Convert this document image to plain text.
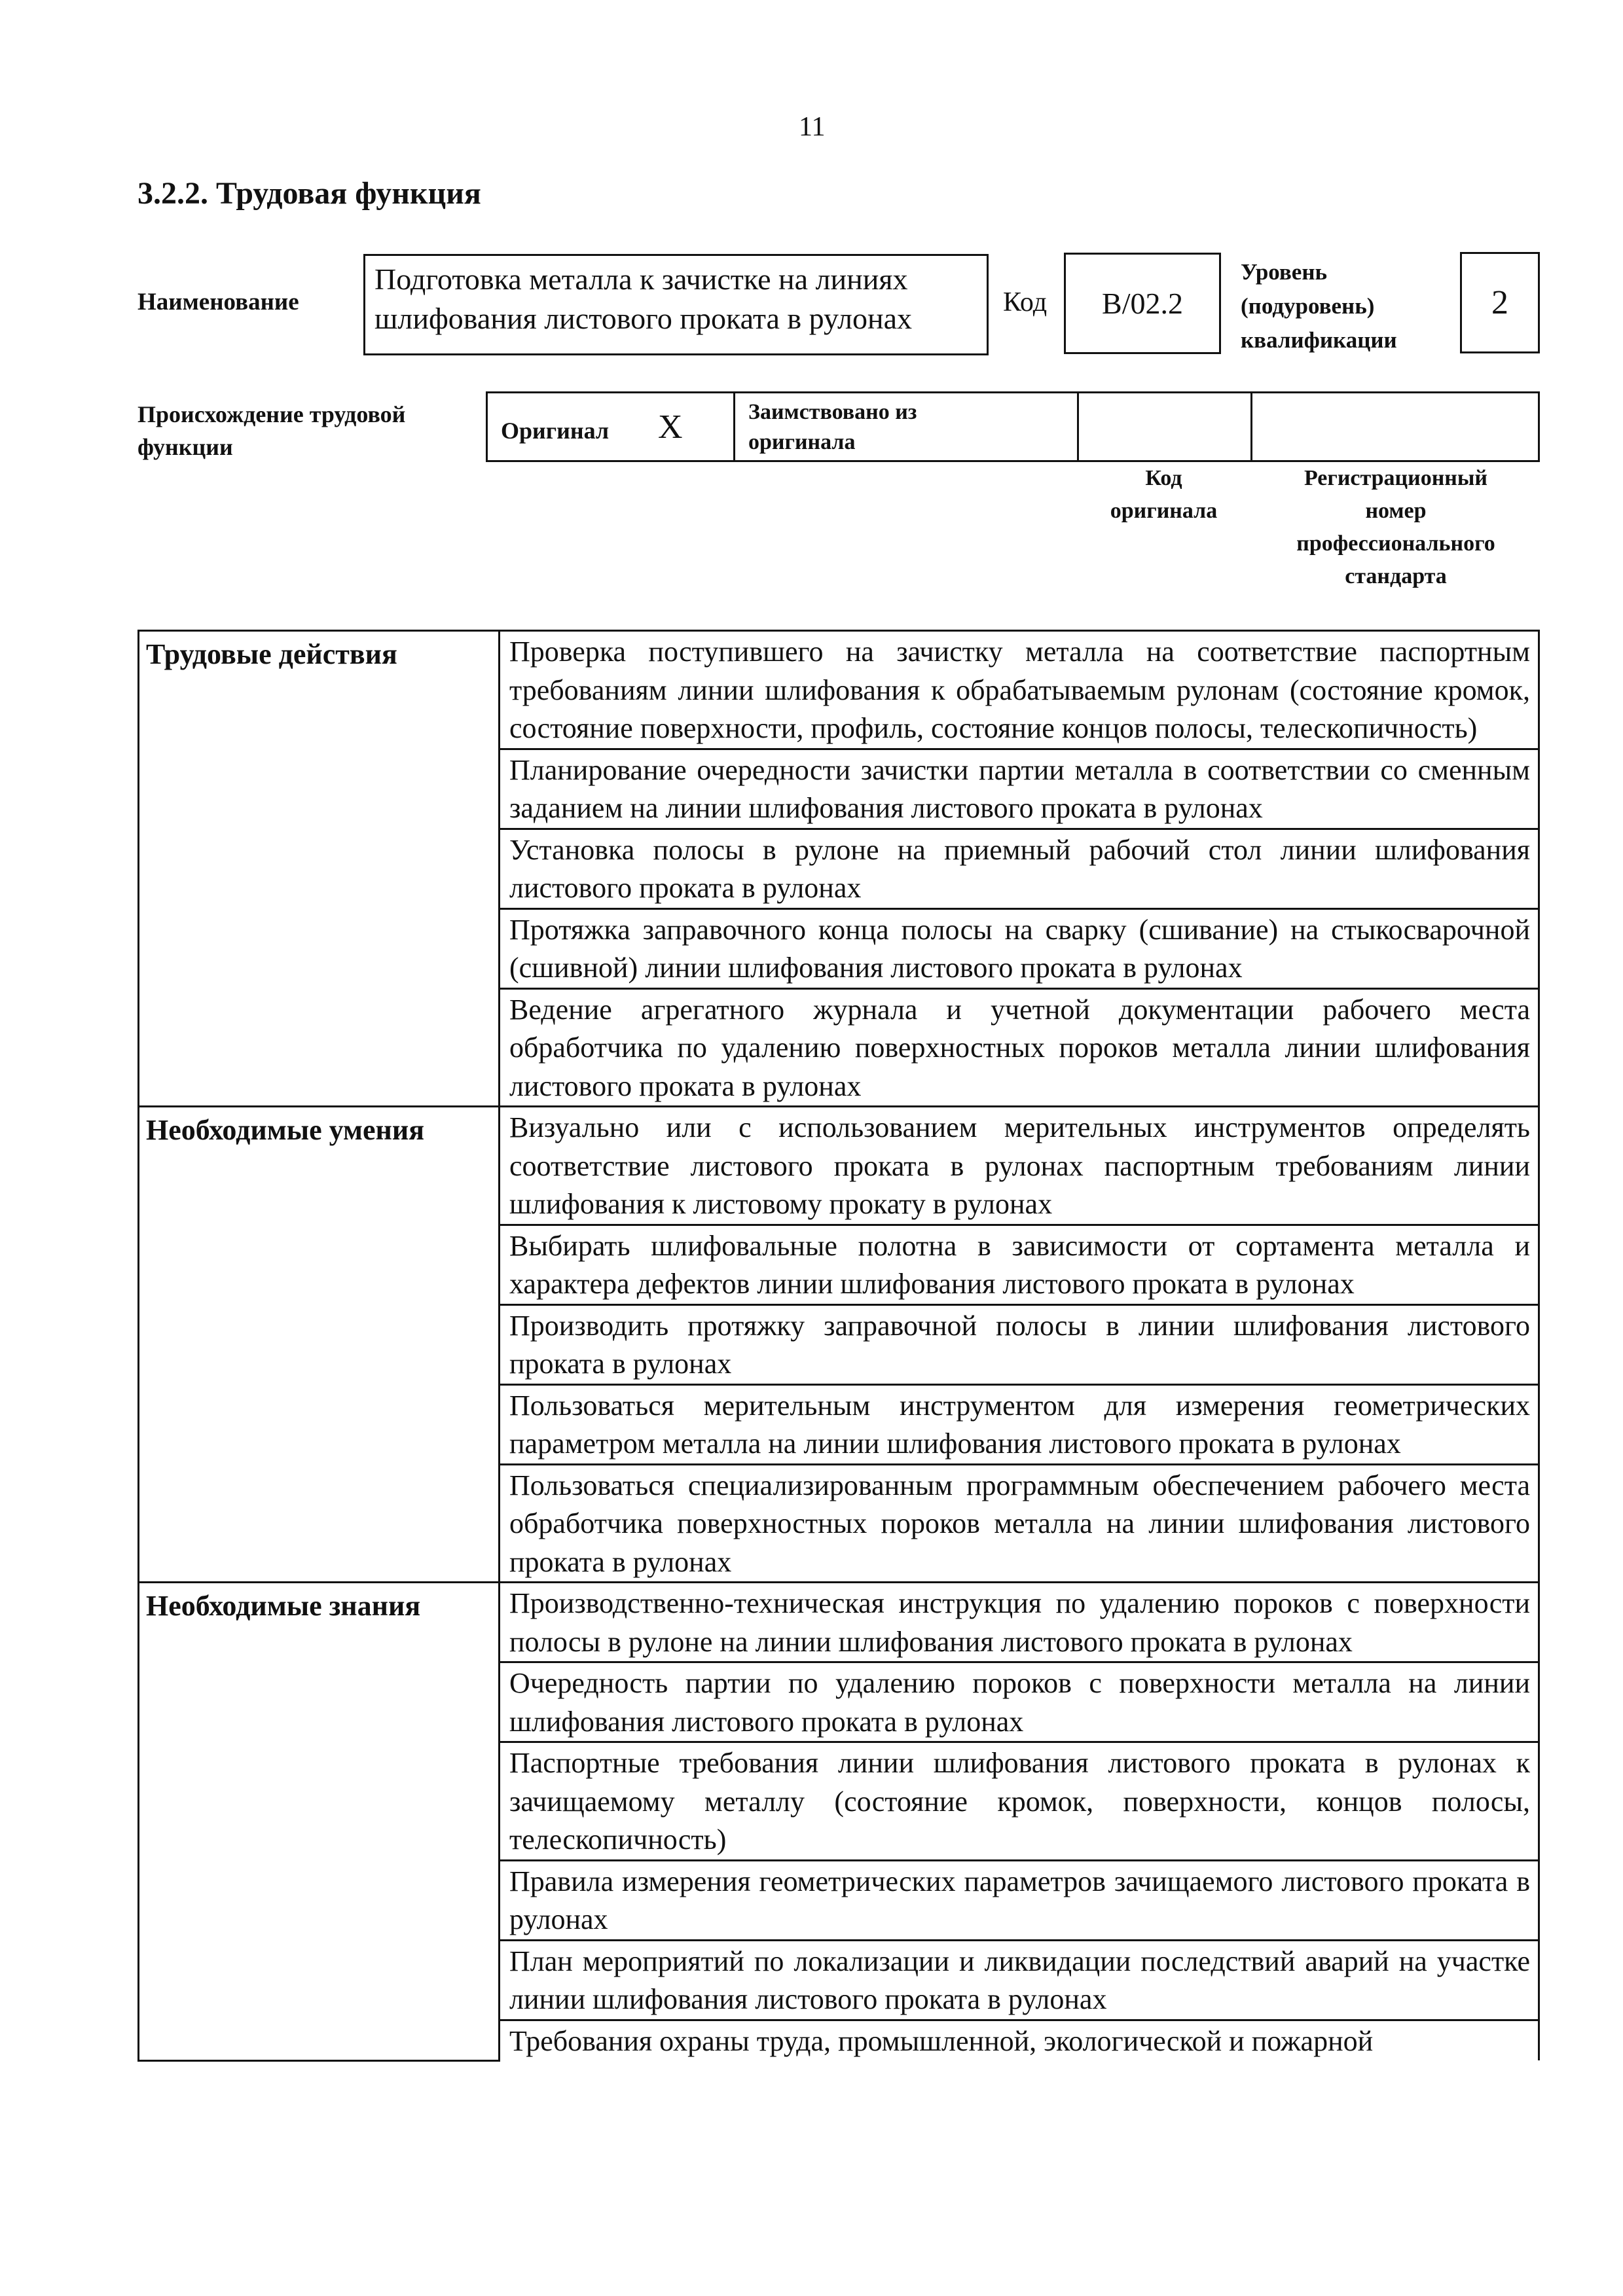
11
3.2.2. Трудовая функция
Наименование
Подготовка металла к зачистке на линиях шлифования листового проката в рулонах	Код B/02.2
Уровень
(подуровень)
квалификации
2
Происхождение трудовой
функции
Оригинал X	Заимствовано из
оригинала
Код
оригинала
Регистрационный
номер
профессионального
стандарта
Трудовые действия	Проверка поступившего на зачистку металла на соответствие паспортным требованиям линии шлифования к обрабатываемым рулонам (состояние кромок, состояние поверхности, профиль, состояние концов полосы, телескопичность)
	Планирование очередности зачистки партии металла в соответствии со сменным заданием на линии шлифования листового проката в рулонах
	Установка полосы в рулоне на приемный рабочий стол линии шлифования листового проката в рулонах
	Протяжка заправочного конца полосы на сварку (сшивание) на стыкосварочной (сшивной) линии шлифования листового проката в рулонах
	Ведение агрегатного журнала и учетной документации рабочего места обработчика по удалению поверхностных пороков металла линии шлифования листового проката в рулонах
Необходимые умения	Визуально или с использованием мерительных инструментов определять соответствие листового проката в рулонах паспортным требованиям линии шлифования к листовому прокату в рулонах
	Выбирать шлифовальные полотна в зависимости от сортамента металла и характера дефектов линии шлифования листового проката в рулонах
	Производить протяжку заправочной полосы в линии шлифования листового проката в рулонах
	Пользоваться мерительным инструментом для измерения геометрических параметром металла на линии шлифования листового проката в рулонах
	Пользоваться специализированным программным обеспечением рабочего места обработчика поверхностных пороков металла на линии шлифования листового проката в рулонах
Необходимые знания	Производственно-техническая инструкция по удалению пороков с поверхности полосы в рулоне на линии шлифования листового проката в рулонах
	Очередность партии по удалению пороков с поверхности металла на линии шлифования листового проката в рулонах
	Паспортные требования линии шлифования листового проката в рулонах к зачищаемому металлу (состояние кромок, поверхности, концов полосы, телескопичность)
	Правила измерения геометрических параметров зачищаемого листового проката в рулонах
	План мероприятий по локализации и ликвидации последствий аварий на участке линии шлифования листового проката в рулонах
	Требования охраны труда, промышленной, экологической и пожарной
